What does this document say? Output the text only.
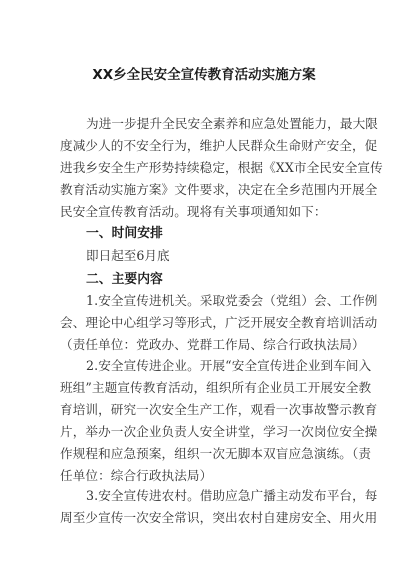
XX乡全民安全宣传教育活动实施方案
为进一步提升全民安全素养和应急处置能力，最大限
度减少人的不安全行为，维护人民群众生命财产安全，促
进我乡安全生产形势持续稳定，根据《XX市全民安全宣传
教育活动实施方案》文件要求，决定在全乡范围内开展全
民安全宣传教育活动。现将有关事项通知如下：
一、时间安排
即日起至6月底
二、主要内容
1.安全宣传进机关。采取党委会（党组）会、工作例
会、理论中心组学习等形式，广泛开展安全教育培训活动
（责任单位：党政办、党群工作局、综合行政执法局）
2.安全宣传进企业。开展“安全宣传进企业到车间入
班组”主题宣传教育活动，组织所有企业员工开展安全教
育培训，研究一次安全生产工作，观看一次事故警示教育
片，举办一次企业负责人安全讲堂，学习一次岗位安全操
作规程和应急预案，组织一次无脚本双盲应急演练。（责
任单位：综合行政执法局）
3.安全宣传进农村。借助应急广播主动发布平台，每
周至少宣传一次安全常识，突出农村自建房安全、用火用
